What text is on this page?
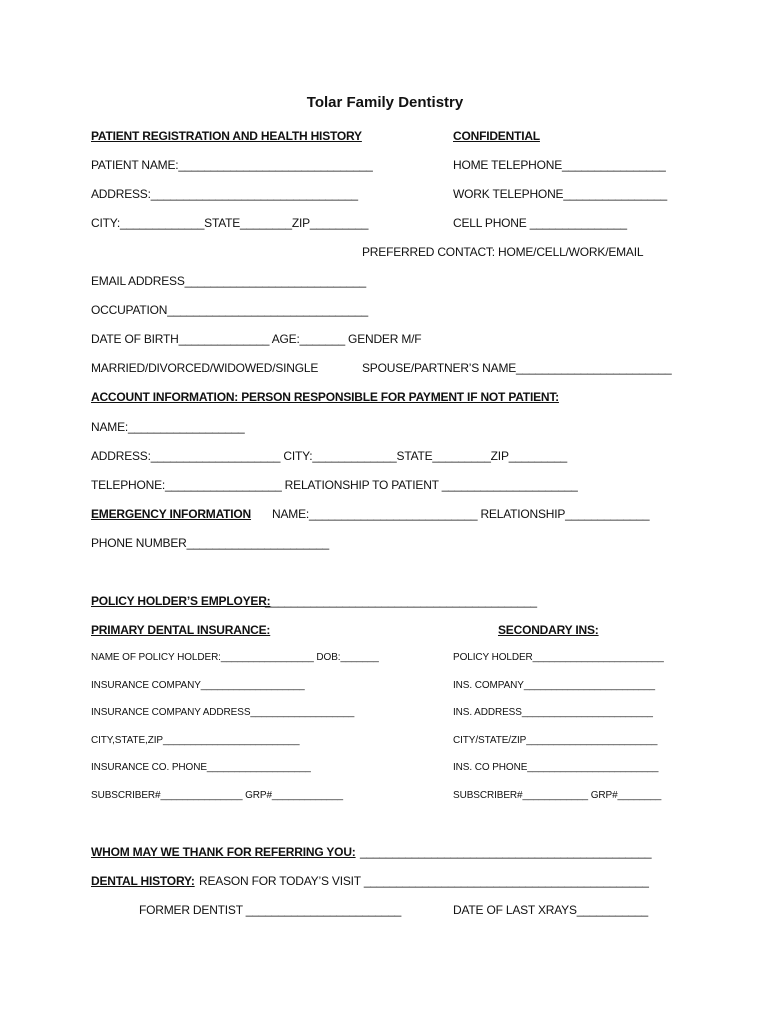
Tolar Family Dentistry
PATIENT REGISTRATION AND HEALTH HISTORY	CONFIDENTIAL
PATIENT NAME:______________________________	HOME TELEPHONE________________
ADDRESS:________________________________	WORK TELEPHONE________________
CITY:_____________STATE________ZIP_________	CELL PHONE _______________
PREFERRED CONTACT: HOME/CELL/WORK/EMAIL
EMAIL ADDRESS____________________________
OCCUPATION_______________________________
DATE OF BIRTH______________ AGE:_______ GENDER M/F
MARRIED/DIVORCED/WIDOWED/SINGLE	SPOUSE/PARTNER’S NAME________________________
ACCOUNT INFORMATION: PERSON RESPONSIBLE FOR PAYMENT IF NOT PATIENT:
NAME:__________________
ADDRESS:____________________ CITY:_____________STATE_________ZIP_________
TELEPHONE:__________________ RELATIONSHIP TO PATIENT _____________________
EMERGENCY INFORMATION NAME:__________________________ RELATIONSHIP_____________
PHONE NUMBER______________________
POLICY HOLDER’S EMPLOYER:
__________________________________________
PRIMARY DENTAL INSURANCE:	SECONDARY INS:
NAME OF POLICY HOLDER:_________________ DOB:_______	POLICY HOLDER________________________
INSURANCE COMPANY___________________	INS. COMPANY________________________
INSURANCE COMPANY ADDRESS___________________	INS. ADDRESS________________________
CITY,STATE,ZIP_________________________	CITY/STATE/ZIP________________________
INSURANCE CO. PHONE___________________	INS. CO PHONE________________________
SUBSCRIBER#_______________ GRP#_____________	SUBSCRIBER#____________ GRP#________
WHOM MAY WE THANK FOR REFERRING YOU: _____________________________________________
DENTAL HISTORY: REASON FOR TODAY’S VISIT ____________________________________________
FORMER DENTIST ________________________	DATE OF LAST XRAYS___________
